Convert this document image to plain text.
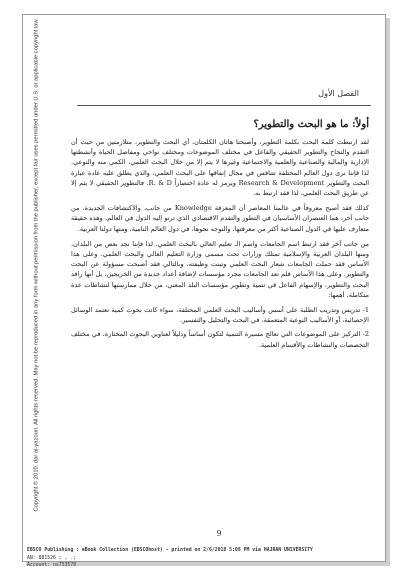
Copyright © 2010. dar al-yazouri. All rights reserved. May not be reproduced in any form without permission from the publisher, except fair uses permitted under U.S. or applicable copyright law.	الفصل الأول
أولاً: ما هو البحث والتطوير؟

لقد ارتبطت كلمة البحث بكلمة التطوير، وأصبحتا هاتان الكلمتان، أي البحث والتطوير، متلازمتين من حيث أن التقدم والنجاح والتطوير الحقيقي والفاعل في مختلف الموضوعات ومختلف نواحي ومفاصل الحياة وأنشطتها الإدارية والمالية والصناعية والعلمية والاجتماعية وغيرها لا يتم إلا من خلال البحث العلمي، الكمي منه والنوعي. لذا فإننا نرى دول العالم المختلفة تتنافس في مجال إنفاقها على البحث العلمي، والذي يطلق عليه عادة عبارة البحث والتطوير Research & Development ويرمز له عادة اختصاراً R. & D. فالتطوير الحقيقي لا يتم إلا عن طريق البحث العلمي، لذا فقد ارتبط به.

كذلك فقد أصبح معروفاً في عالمنا المعاصر أن المعرفة Knowledge من جانب، والاكتشافات الجديدة، من جانب آخر، هما العنصران الأساسيان في التطور والتقدم الاقتصادي الذي ترنو إليه الدول في العالم. وهذه حقيقة متعارف عليها في الدول الصناعية أكثر من معرفتها، والتوجه نحوها، في دول العالم النامية، ومنها دولنا العربية.

من جانب آخر فقد ارتبط اسم الجامعات واسم الـ تعليم العالي بالبحث العلمي. لذا فإننا نجد بعض من البلدان، ومنها البلدان العربية والإسلامية تمتلك وزارات تحت مسمى وزارة التعليم العالي والبحث العلمي. وعلى هذا الأساس فقد حملت الجامعات شعار البحث العلمي وتبنت وظيفته، وبالتالي فقد أصبحت مسؤولة عن البحث والتطوير. وعلى هذا الأساس فلم تعد الجامعات مجرد مؤسسات لإضافة أعداد جديدة من الخريجين، بل أنها رافد البحث والتطوير، والإسهام الفاعل في تنمية وتطوير مؤسسات البلد المعني، من خلال ممارستها لنشاطات عدة متكاملة، أهمها:

1- تدريس وتدريب الطلبة على أسس وأساليب البحث العلمي المختلفة، سواء كانت بحوث كمية تعتمد الوسائل الإحصائية، أو الأساليب النوعية المتعمقة، في البحث والتحليل والتفسير.

2- التركيز على الموضوعات التي تعالج مسيرة التنمية لتكون أساساً ودليلاً لعناوين البحوث المختارة، في مختلف التخصصات والنشاطات والأقسام العلمية.

9
EBSCO Publishing : eBook Collection (EBSCOhost) - printed on 2/6/2018 5:08 PM via HAJRAN UNIVERSITY
AN: 881526 ; , .;
Account: ns753578
